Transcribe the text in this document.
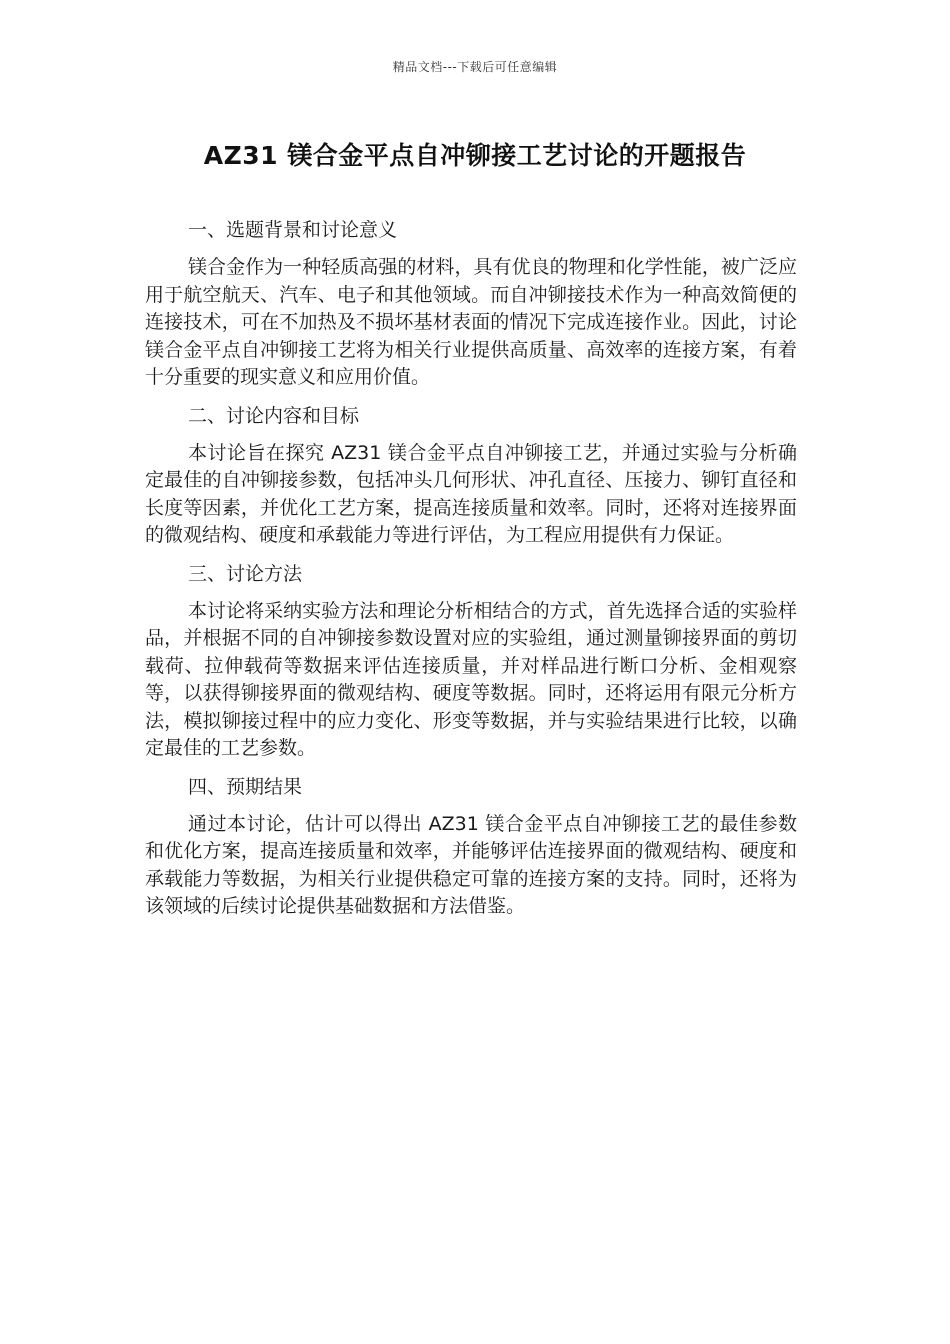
精品文档---下载后可任意编辑
AZ31 镁合金平点自冲铆接工艺讨论的开题报告
一、选题背景和讨论意义

镁合金作为一种轻质高强的材料，具有优良的物理和化学性能，被广泛应用于航空航天、汽车、电子和其他领域。而自冲铆接技术作为一种高效简便的连接技术，可在不加热及不损坏基材表面的情况下完成连接作业。因此，讨论镁合金平点自冲铆接工艺将为相关行业提供高质量、高效率的连接方案，有着十分重要的现实意义和应用价值。

二、讨论内容和目标

本讨论旨在探究 AZ31 镁合金平点自冲铆接工艺，并通过实验与分析确定最佳的自冲铆接参数，包括冲头几何形状、冲孔直径、压接力、铆钉直径和长度等因素，并优化工艺方案，提高连接质量和效率。同时，还将对连接界面的微观结构、硬度和承载能力等进行评估，为工程应用提供有力保证。

三、讨论方法

本讨论将采纳实验方法和理论分析相结合的方式，首先选择合适的实验样品，并根据不同的自冲铆接参数设置对应的实验组，通过测量铆接界面的剪切载荷、拉伸载荷等数据来评估连接质量，并对样品进行断口分析、金相观察等，以获得铆接界面的微观结构、硬度等数据。同时，还将运用有限元分析方法，模拟铆接过程中的应力变化、形变等数据，并与实验结果进行比较，以确定最佳的工艺参数。

四、预期结果

通过本讨论，估计可以得出 AZ31 镁合金平点自冲铆接工艺的最佳参数和优化方案，提高连接质量和效率，并能够评估连接界面的微观结构、硬度和承载能力等数据，为相关行业提供稳定可靠的连接方案的支持。同时，还将为该领域的后续讨论提供基础数据和方法借鉴。
